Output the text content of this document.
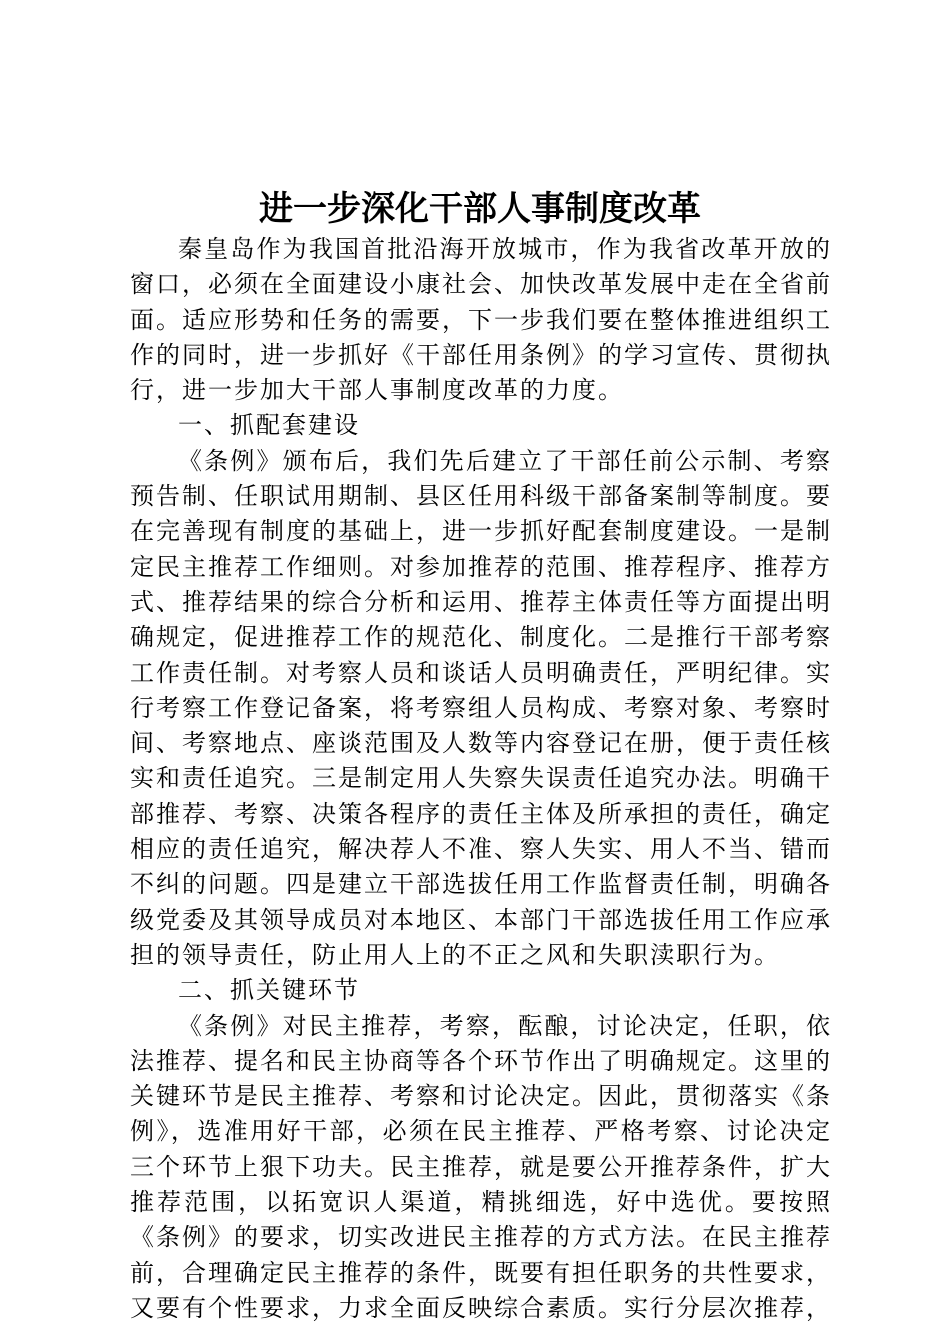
进一步深化干部人事制度改革

秦皇岛作为我国首批沿海开放城市，作为我省改革开放的窗口，必须在全面建设小康社会、加快改革发展中走在全省前面。适应形势和任务的需要，下一步我们要在整体推进组织工作的同时，进一步抓好《干部任用条例》的学习宣传、贯彻执行，进一步加大干部人事制度改革的力度。

一、抓配套建设

《条例》颁布后，我们先后建立了干部任前公示制、考察预告制、任职试用期制、县区任用科级干部备案制等制度。要在完善现有制度的基础上，进一步抓好配套制度建设。一是制定民主推荐工作细则。对参加推荐的范围、推荐程序、推荐方式、推荐结果的综合分析和运用、推荐主体责任等方面提出明确规定，促进推荐工作的规范化、制度化。二是推行干部考察工作责任制。对考察人员和谈话人员明确责任，严明纪律。实行考察工作登记备案，将考察组人员构成、考察对象、考察时间、考察地点、座谈范围及人数等内容登记在册，便于责任核实和责任追究。三是制定用人失察失误责任追究办法。明确干部推荐、考察、决策各程序的责任主体及所承担的责任，确定相应的责任追究，解决荐人不准、察人失实、用人不当、错而不纠的问题。四是建立干部选拔任用工作监督责任制，明确各级党委及其领导成员对本地区、本部门干部选拔任用工作应承担的领导责任，防止用人上的不正之风和失职渎职行为。

二、抓关键环节

《条例》对民主推荐，考察，酝酿，讨论决定，任职，依法推荐、提名和民主协商等各个环节作出了明确规定。这里的关键环节是民主推荐、考察和讨论决定。因此，贯彻落实《条例》，选准用好干部，必须在民主推荐、严格考察、讨论决定三个环节上狠下功夫。民主推荐，就是要公开推荐条件，扩大推荐范围，以拓宽识人渠道，精挑细选，好中选优。要按照《条例》的要求，切实改进民主推荐的方式方法。在民主推荐前，合理确定民主推荐的条件，既要有担任职务的共性要求，又要有个性要求，力求全面反映综合素质。实行分层次推荐，
